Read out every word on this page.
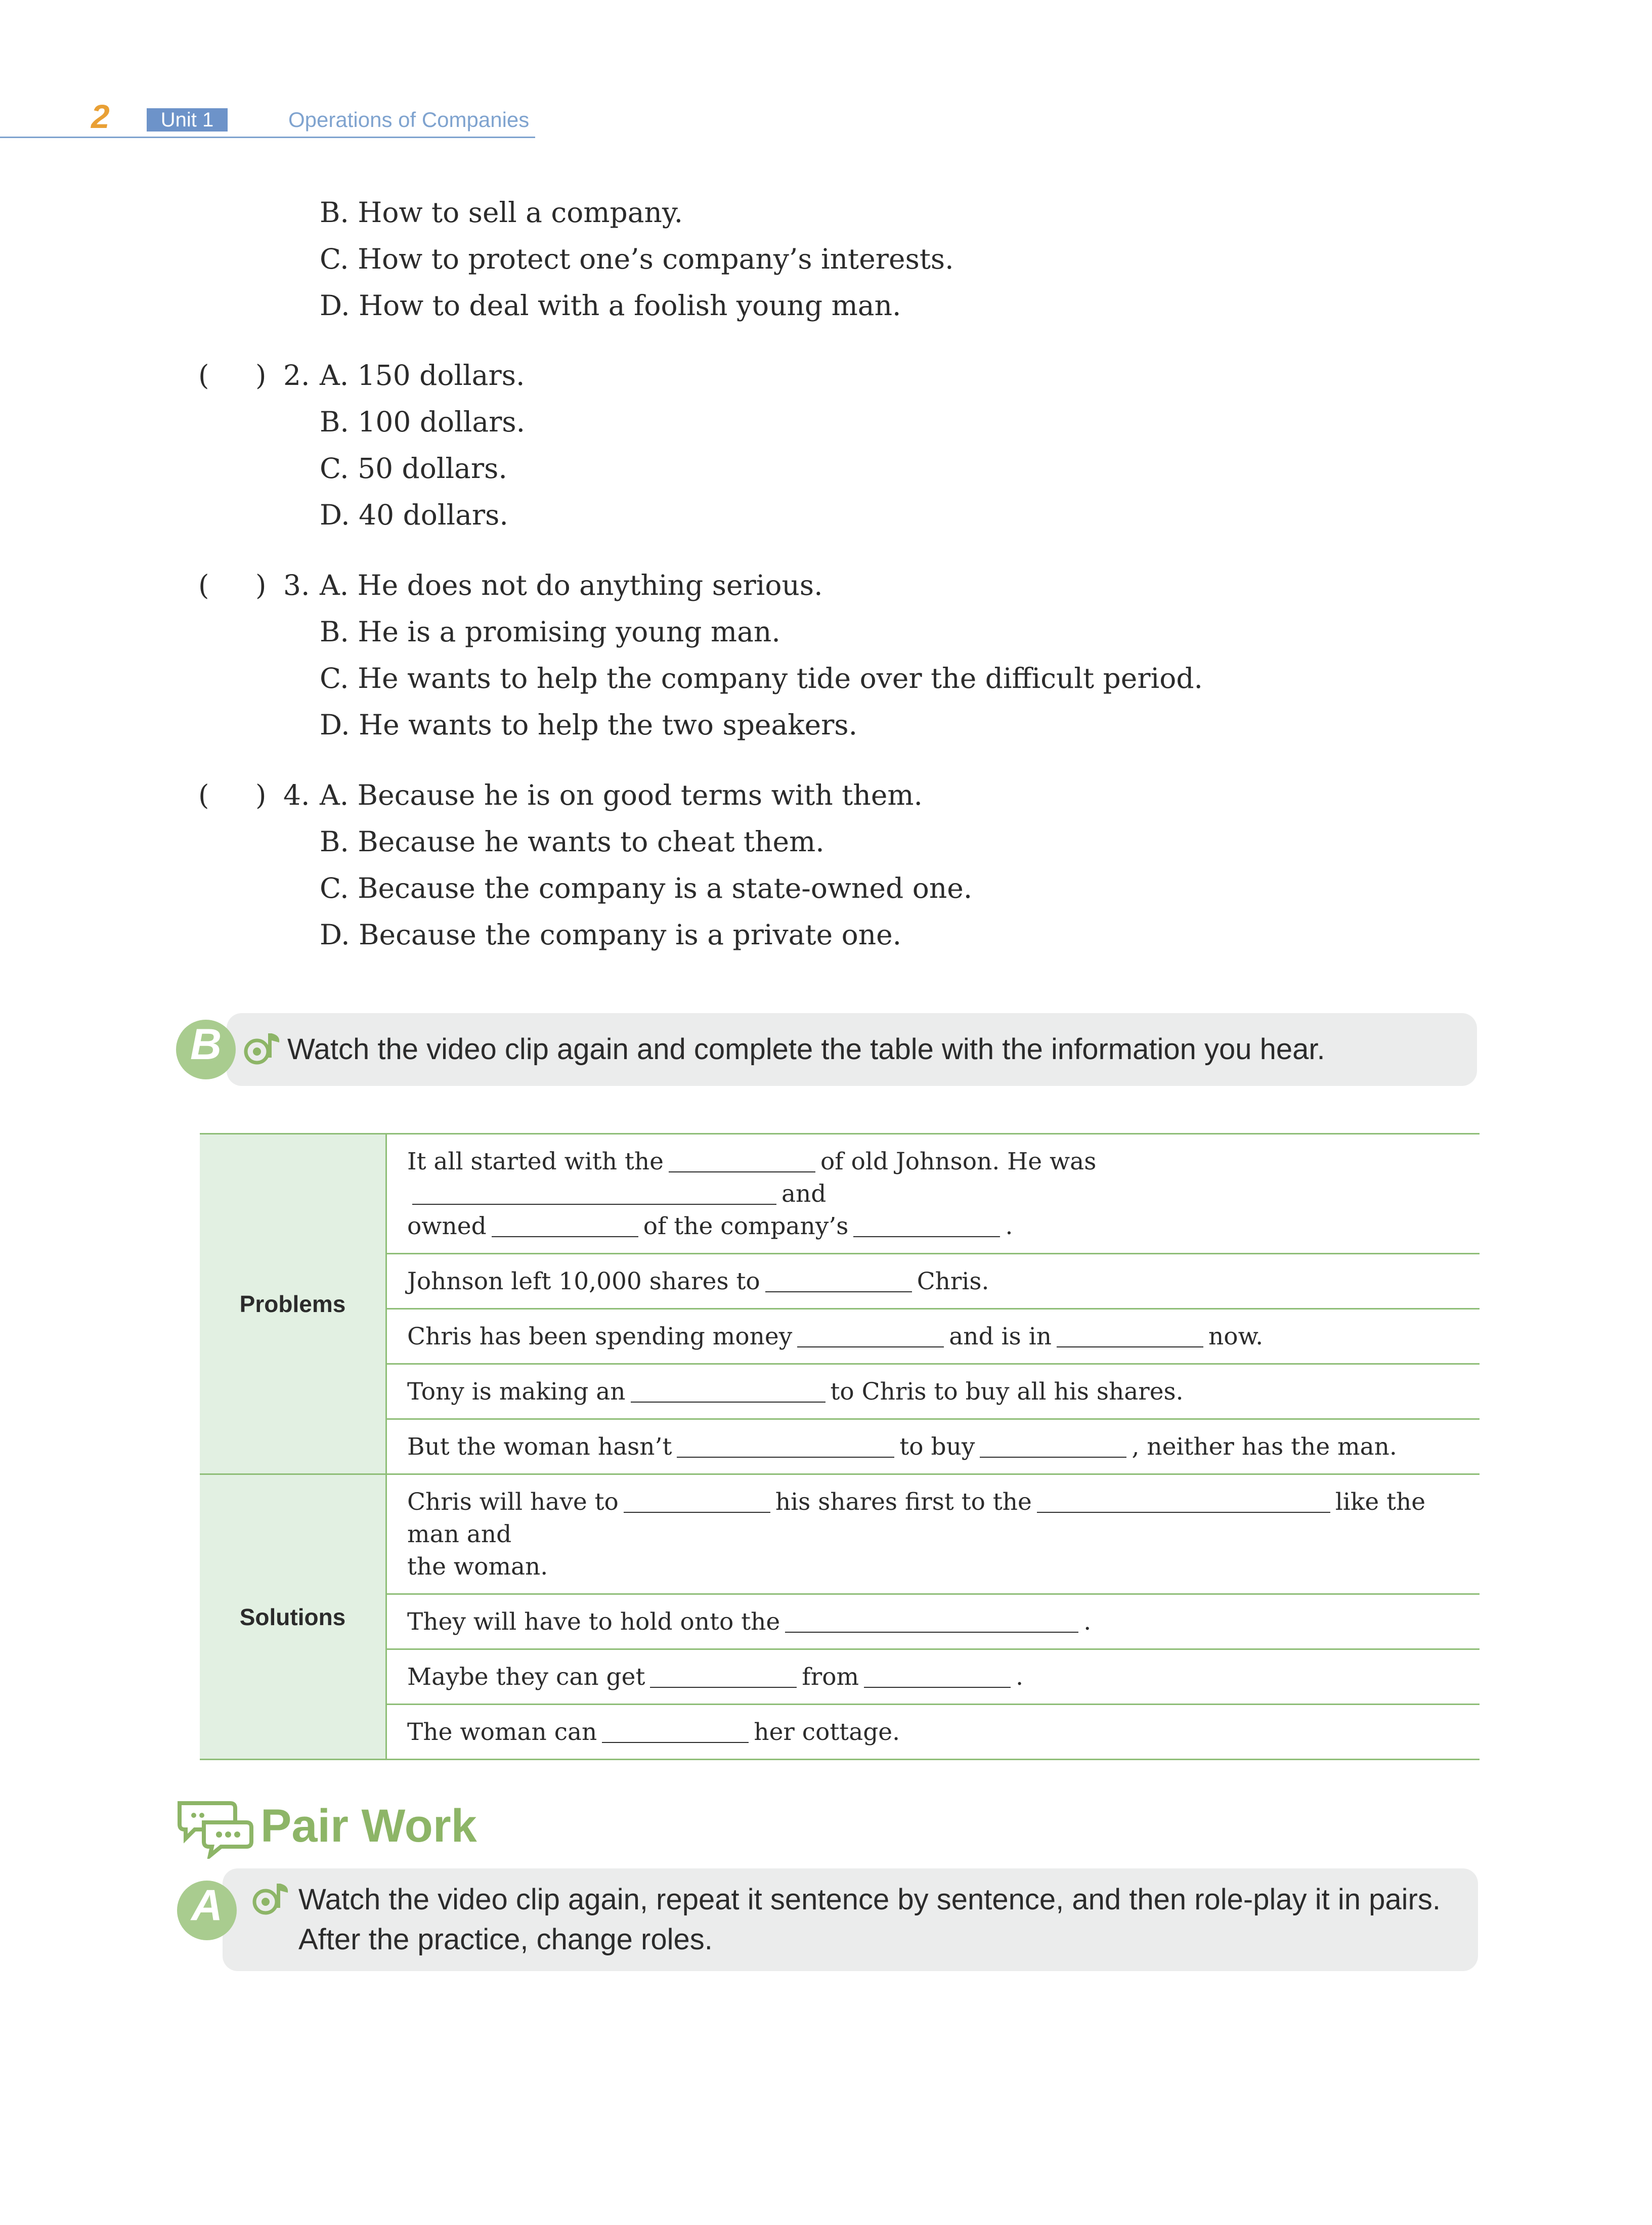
2	Unit 1	Operations of Companies
B. How to sell a company.
C. How to protect one’s company’s interests.
D. How to deal with a foolish young man.
( ) 2. A. 150 dollars.
B. 100 dollars.
C. 50 dollars.
D. 40 dollars.
( ) 3. A. He does not do anything serious.
B. He is a promising young man.
C. He wants to help the company tide over the difficult period.
D. He wants to help the two speakers.
( ) 4. A. Because he is on good terms with them.
B. Because he wants to cheat them.
C. Because the company is a state-owned one.
D. Because the company is a private one.
B	Watch the video clip again and complete the table with the information you hear.
Problems	It all started with the of old Johnson. He wasand
owned of the company’s .
	Johnson left 10,000 shares to Chris.
	Chris has been spending money and is in now.
	Tony is making an to Chris to buy all his shares.
	But the woman hasn’t to buy , neither has the man.
Solutions	Chris will have to his shares first to the like the man and
the woman.
	They will have to hold onto the .
	Maybe they can get from .
	The woman can her cottage.
Pair Work
A	Watch the video clip again, repeat it sentence by sentence, and then role-play it in pairs.
After the practice, change roles.
